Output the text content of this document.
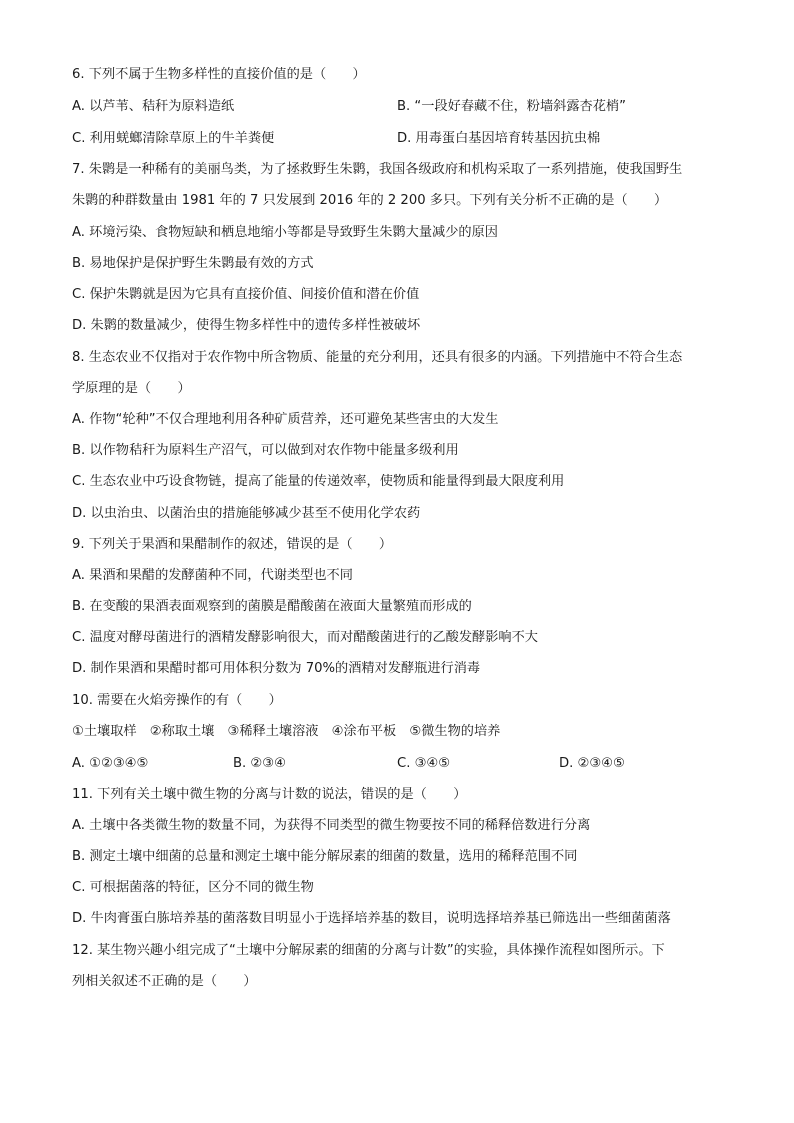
6. 下列不属于生物多样性的直接价值的是（　　）
A. 以芦苇、秸秆为原料造纸	B. “一段好春藏不住，粉墙斜露杏花梢”
C. 利用蜣螂清除草原上的牛羊粪便	D. 用毒蛋白基因培育转基因抗虫棉
7. 朱鹮是一种稀有的美丽鸟类，为了拯救野生朱鹮，我国各级政府和机构采取了一系列措施，使我国野生
朱鹮的种群数量由 1981 年的 7 只发展到 2016 年的 2 200 多只。下列有关分析不正确的是（　　）
A. 环境污染、食物短缺和栖息地缩小等都是导致野生朱鹮大量减少的原因
B. 易地保护是保护野生朱鹮最有效的方式
C. 保护朱鹮就是因为它具有直接价值、间接价值和潜在价值
D. 朱鹮的数量减少，使得生物多样性中的遗传多样性被破坏
8. 生态农业不仅指对于农作物中所含物质、能量的充分利用，还具有很多的内涵。下列措施中不符合生态
学原理的是（　　）
A. 作物“轮种”不仅合理地利用各种矿质营养，还可避免某些害虫的大发生
B. 以作物秸秆为原料生产沼气，可以做到对农作物中能量多级利用
C. 生态农业中巧设食物链，提高了能量的传递效率，使物质和能量得到最大限度利用
D. 以虫治虫、以菌治虫的措施能够减少甚至不使用化学农药
9. 下列关于果酒和果醋制作的叙述，错误的是（　　）
A. 果酒和果醋的发酵菌种不同，代谢类型也不同
B. 在变酸的果酒表面观察到的菌膜是醋酸菌在液面大量繁殖而形成的
C. 温度对酵母菌进行的酒精发酵影响很大，而对醋酸菌进行的乙酸发酵影响不大
D. 制作果酒和果醋时都可用体积分数为 70%的酒精对发酵瓶进行消毒
10. 需要在火焰旁操作的有（　　）
①土壤取样　②称取土壤　③稀释土壤溶液　④涂布平板　⑤微生物的培养
A. ①②③④⑤	B. ②③④	C. ③④⑤	D. ②③④⑤
11. 下列有关土壤中微生物的分离与计数的说法，错误的是（　　）
A. 土壤中各类微生物的数量不同，为获得不同类型的微生物要按不同的稀释倍数进行分离
B. 测定土壤中细菌的总量和测定土壤中能分解尿素的细菌的数量，选用的稀释范围不同
C. 可根据菌落的特征，区分不同的微生物
D. 牛肉膏蛋白胨培养基的菌落数目明显小于选择培养基的数目，说明选择培养基已筛选出一些细菌菌落
12. 某生物兴趣小组完成了“土壤中分解尿素的细菌的分离与计数”的实验，具体操作流程如图所示。下
列相关叙述不正确的是（　　）
